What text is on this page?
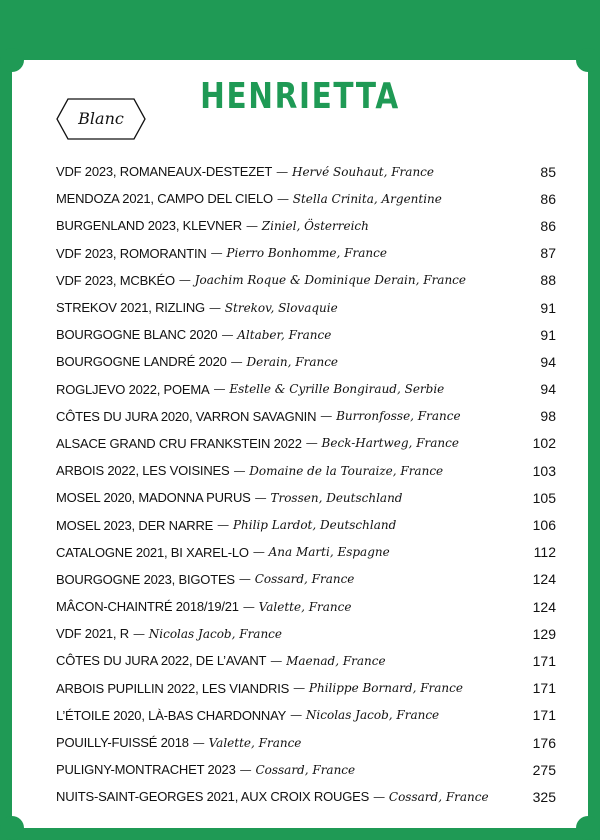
HENRIETTA
Blanc
VDF 2023, ROMANEAUX-DESTEZET — Hervé Souhaut, France	85
MENDOZA 2021, CAMPO DEL CIELO — Stella Crinita, Argentine	86
BURGENLAND 2023, KLEVNER — Ziniel, Österreich	86
VDF 2023, ROMORANTIN — Pierro Bonhomme, France	87
VDF 2023, MCBKÉO — Joachim Roque & Dominique Derain, France	88
STREKOV 2021, RIZLING — Strekov, Slovaquie	91
BOURGOGNE BLANC 2020 — Altaber, France	91
BOURGOGNE LANDRÉ 2020 — Derain, France	94
ROGLJEVO 2022, POEMA — Estelle & Cyrille Bongiraud, Serbie	94
CÔTES DU JURA 2020, VARRON SAVAGNIN — Burronfosse, France	98
ALSACE GRAND CRU FRANKSTEIN 2022 — Beck-Hartweg, France	102
ARBOIS 2022, LES VOISINES — Domaine de la Touraize, France	103
MOSEL 2020, MADONNA PURUS — Trossen, Deutschland	105
MOSEL 2023, DER NARRE — Philip Lardot, Deutschland	106
CATALOGNE 2021, BI XAREL-LO — Ana Marti, Espagne	112
BOURGOGNE 2023, BIGOTES — Cossard, France	124
MÂCON-CHAINTRÉ 2018/19/21 — Valette, France	124
VDF 2021, R — Nicolas Jacob, France	129
CÔTES DU JURA 2022, DE L’AVANT — Maenad, France	171
ARBOIS PUPILLIN 2022, LES VIANDRIS — Philippe Bornard, France	171
L’ÉTOILE 2020, LÀ-BAS CHARDONNAY — Nicolas Jacob, France	171
POUILLY-FUISSÉ 2018 — Valette, France	176
PULIGNY-MONTRACHET 2023 — Cossard, France	275
NUITS-SAINT-GEORGES 2021, AUX CROIX ROUGES — Cossard, France	325
